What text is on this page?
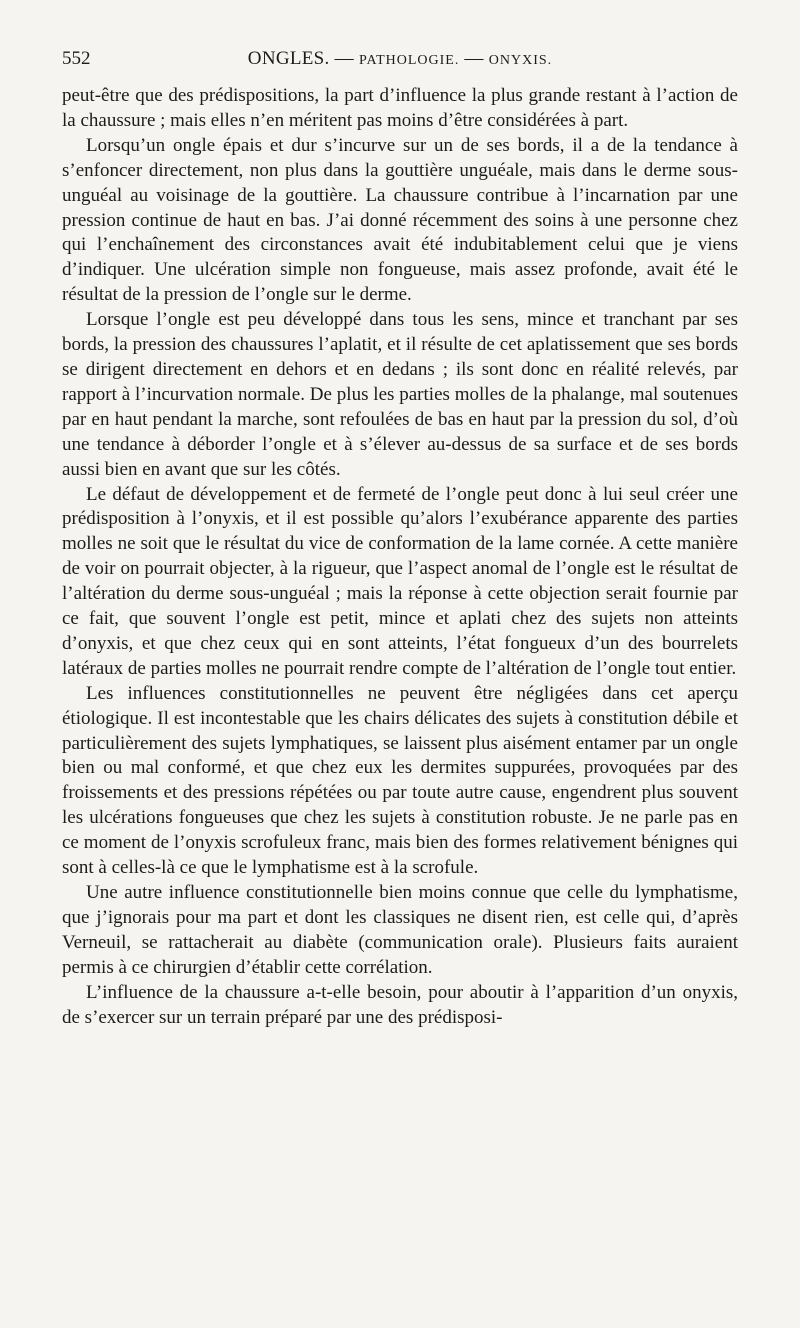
552	ONGLES. — PATHOLOGIE. — ONYXIS.

peut-être que des prédispositions, la part d’influence la plus grande restant à l’action de la chaussure ; mais elles n’en méritent pas moins d’être considérées à part.

Lorsqu’un ongle épais et dur s’incurve sur un de ses bords, il a de la tendance à s’enfoncer directement, non plus dans la gouttière unguéale, mais dans le derme sous-unguéal au voisinage de la gouttière. La chaussure contribue à l’incarnation par une pression continue de haut en bas. J’ai donné récemment des soins à une personne chez qui l’enchaînement des circonstances avait été indubitablement celui que je viens d’indiquer. Une ulcération simple non fongueuse, mais assez profonde, avait été le résultat de la pression de l’ongle sur le derme.

Lorsque l’ongle est peu développé dans tous les sens, mince et tranchant par ses bords, la pression des chaussures l’aplatit, et il résulte de cet aplatissement que ses bords se dirigent directement en dehors et en dedans ; ils sont donc en réalité relevés, par rapport à l’incurvation normale. De plus les parties molles de la phalange, mal soutenues par en haut pendant la marche, sont refoulées de bas en haut par la pression du sol, d’où une tendance à déborder l’ongle et à s’élever au-dessus de sa surface et de ses bords aussi bien en avant que sur les côtés.

Le défaut de développement et de fermeté de l’ongle peut donc à lui seul créer une prédisposition à l’onyxis, et il est possible qu’alors l’exubérance apparente des parties molles ne soit que le résultat du vice de conformation de la lame cornée. A cette manière de voir on pourrait objecter, à la rigueur, que l’aspect anomal de l’ongle est le résultat de l’altération du derme sous-unguéal ; mais la réponse à cette objection serait fournie par ce fait, que souvent l’ongle est petit, mince et aplati chez des sujets non atteints d’onyxis, et que chez ceux qui en sont atteints, l’état fongueux d’un des bourrelets latéraux de parties molles ne pourrait rendre compte de l’altération de l’ongle tout entier.

Les influences constitutionnelles ne peuvent être négligées dans cet aperçu étiologique. Il est incontestable que les chairs délicates des sujets à constitution débile et particulièrement des sujets lymphatiques, se laissent plus aisément entamer par un ongle bien ou mal conformé, et que chez eux les dermites suppurées, provoquées par des froissements et des pressions répétées ou par toute autre cause, engendrent plus souvent les ulcérations fongueuses que chez les sujets à constitution robuste. Je ne parle pas en ce moment de l’onyxis scrofuleux franc, mais bien des formes relativement bénignes qui sont à celles-là ce que le lymphatisme est à la scrofule.

Une autre influence constitutionnelle bien moins connue que celle du lymphatisme, que j’ignorais pour ma part et dont les classiques ne disent rien, est celle qui, d’après Verneuil, se rattacherait au diabète (communication orale). Plusieurs faits auraient permis à ce chirurgien d’établir cette corrélation.

L’influence de la chaussure a-t-elle besoin, pour aboutir à l’apparition d’un onyxis, de s’exercer sur un terrain préparé par une des prédisposi-
